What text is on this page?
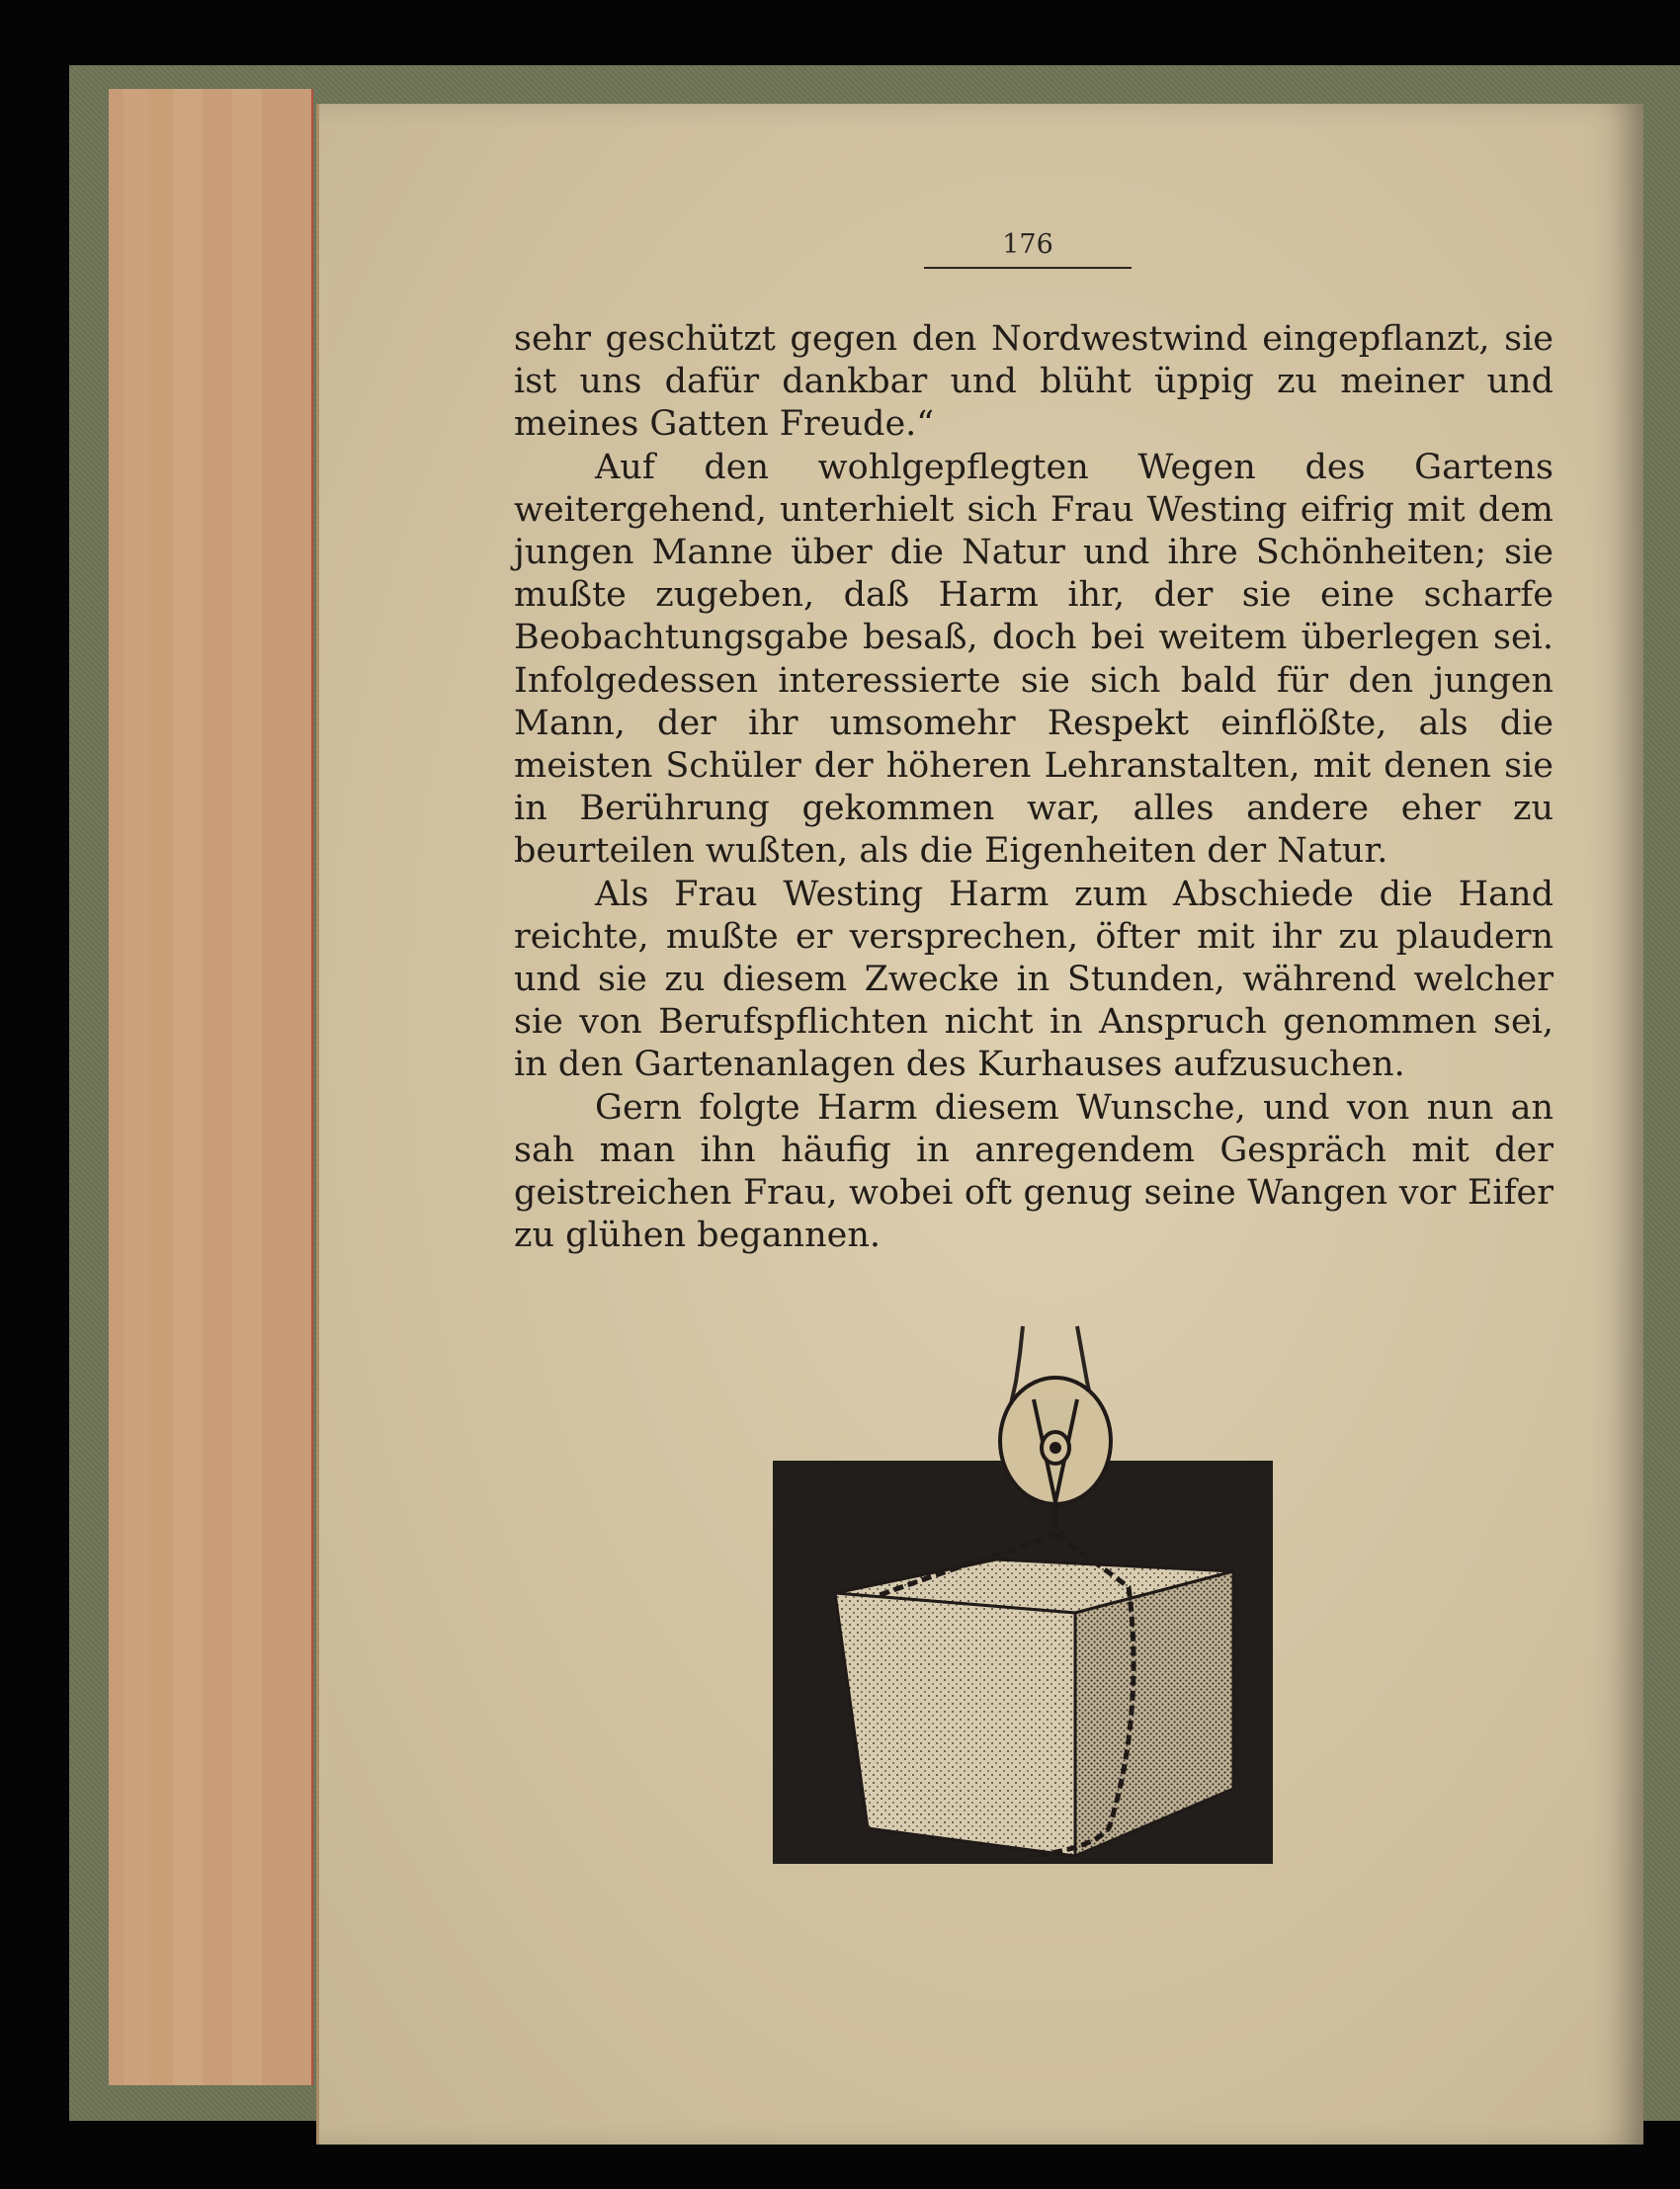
176

sehr geschützt gegen den Nordwestwind eingepflanzt, sie ist uns dafür dankbar und blüht üppig zu meiner und meines Gatten Freude.“

Auf den wohlgepflegten Wegen des Gartens weitergehend, unterhielt sich Frau Westing eifrig mit dem jungen Manne über die Natur und ihre Schönheiten; sie mußte zugeben, daß Harm ihr, der sie eine scharfe Beobachtungsgabe besaß, doch bei weitem überlegen sei. Infolgedessen interessierte sie sich bald für den jungen Mann, der ihr umsomehr Respekt einflößte, als die meisten Schüler der höheren Lehranstalten, mit denen sie in Berührung gekommen war, alles andere eher zu beurteilen wußten, als die Eigenheiten der Natur.

Als Frau Westing Harm zum Abschiede die Hand reichte, mußte er versprechen, öfter mit ihr zu plaudern und sie zu diesem Zwecke in Stunden, während welcher sie von Berufspflichten nicht in Anspruch genommen sei, in den Gartenanlagen des Kurhauses aufzusuchen.

Gern folgte Harm diesem Wunsche, und von nun an sah man ihn häufig in anregendem Gespräch mit der geistreichen Frau, wobei oft genug seine Wangen vor Eifer zu glühen begannen.
